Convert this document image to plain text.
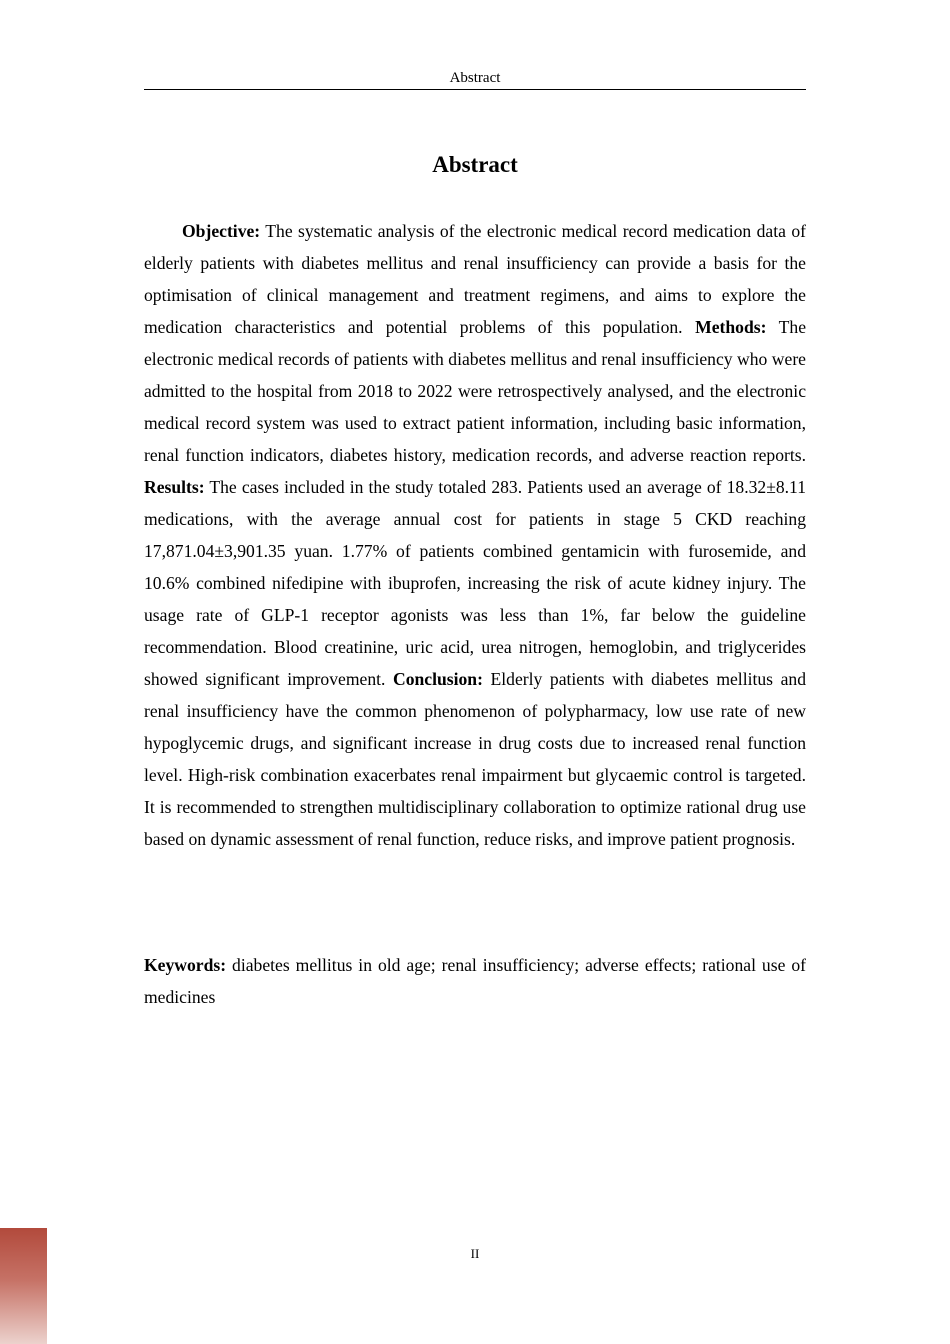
Abstract
Abstract

Objective: The systematic analysis of the electronic medical record medication data of elderly patients with diabetes mellitus and renal insufficiency can provide a basis for the optimisation of clinical management and treatment regimens, and aims to explore the medication characteristics and potential problems of this population. Methods: The electronic medical records of patients with diabetes mellitus and renal insufficiency who were admitted to the hospital from 2018 to 2022 were retrospectively analysed, and the electronic medical record system was used to extract patient information, including basic information, renal function indicators, diabetes history, medication records, and adverse reaction reports. Results: The cases included in the study totaled 283. Patients used an average of 18.32±8.11 medications, with the average annual cost for patients in stage 5 CKD reaching 17,871.04±3,901.35 yuan. 1.77% of patients combined gentamicin with furosemide, and 10.6% combined nifedipine with ibuprofen, increasing the risk of acute kidney injury. The usage rate of GLP-1 receptor agonists was less than 1%, far below the guideline recommendation. Blood creatinine, uric acid, urea nitrogen, hemoglobin, and triglycerides showed significant improvement. Conclusion: Elderly patients with diabetes mellitus and renal insufficiency have the common phenomenon of polypharmacy, low use rate of new hypoglycemic drugs, and significant increase in drug costs due to increased renal function level. High-risk combination exacerbates renal impairment but glycaemic control is targeted. It is recommended to strengthen multidisciplinary collaboration to optimize rational drug use based on dynamic assessment of renal function, reduce risks, and improve patient prognosis.

Keywords: diabetes mellitus in old age; renal insufficiency; adverse effects; rational use of medicines

II
